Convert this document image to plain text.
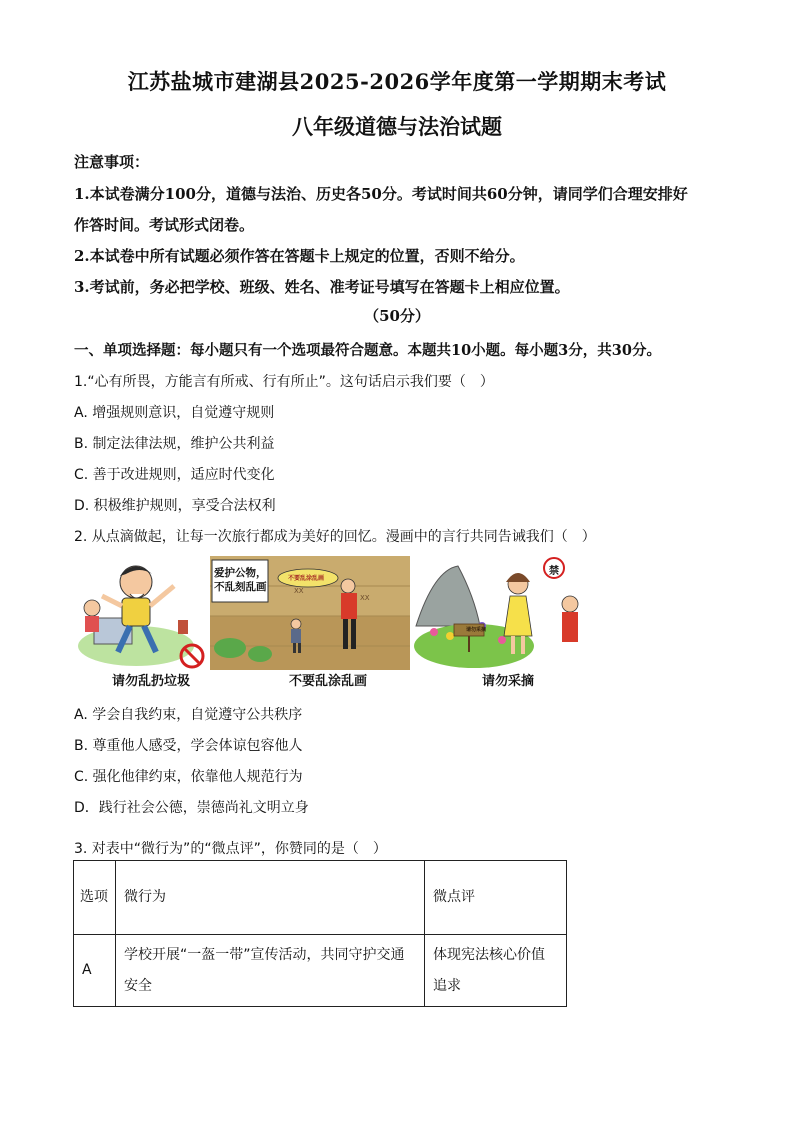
江苏盐城市建湖县2025-2026学年度第一学期期末考试
八年级道德与法治试题
注意事项：
1.本试卷满分100分，道德与法治、历史各50分。考试时间共60分钟，请同学们合理安排好
作答时间。考试形式闭卷。
2.本试卷中所有试题必须作答在答题卡上规定的位置，否则不给分。
3.考试前，务必把学校、班级、姓名、准考证号填写在答题卡上相应位置。
（50分）
一、单项选择题：每小题只有一个选项最符合题意。本题共10小题。每小题3分，共30分。
1.“心有所畏，方能言有所戒、行有所止”。这句话启示我们要（　）
A. 增强规则意识，自觉遵守规则
B. 制定法律法规，维护公共利益
C. 善于改进规则，适应时代变化
D. 积极维护规则，享受合法权利
2. 从点滴做起，让每一次旅行都成为美好的回忆。漫画中的言行共同告诫我们（　）
XX
XX
爱护公物，
不乱刻乱画
不要乱涂乱画
请勿采摘
禁
请勿乱扔垃圾	不要乱涂乱画	请勿采摘
A. 学会自我约束，自觉遵守公共秩序
B. 尊重他人感受，学会体谅包容他人
C. 强化他律约束，依靠他人规范行为
D．践行社会公德，崇德尚礼文明立身
3. 对表中“微行为”的“微点评”，你赞同的是（　）
选项	微行为	微点评
A	学校开展“一盔一带”宣传活动，共同守护交通安全	体现宪法核心价值追求
